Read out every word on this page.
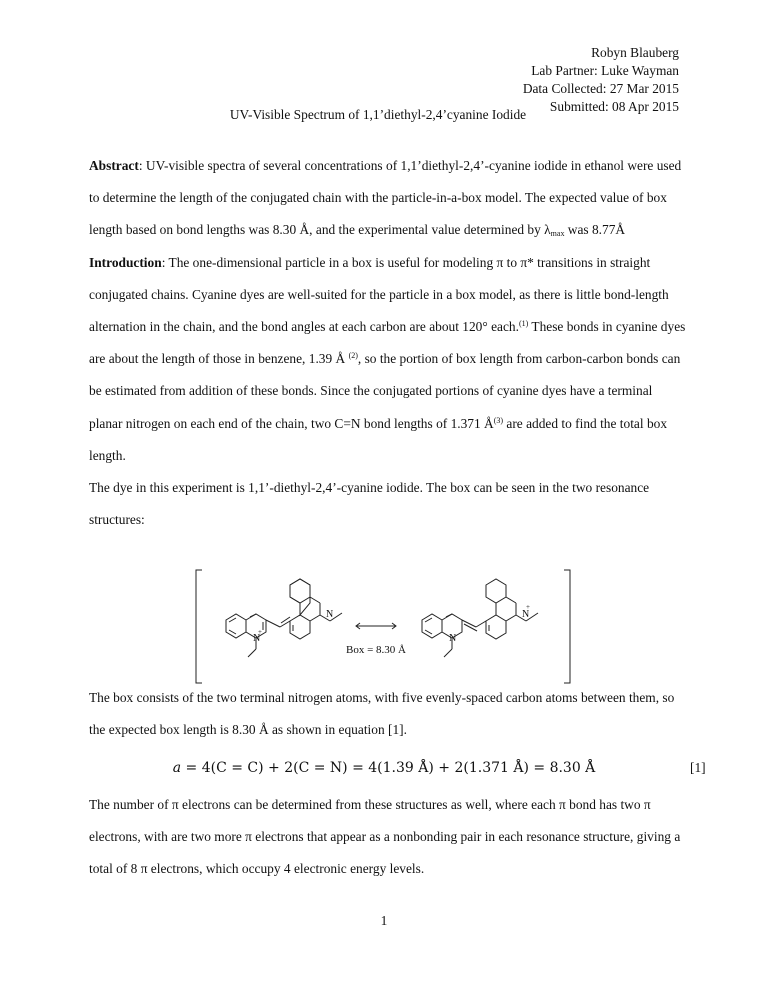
Robyn Blauberg
Lab Partner: Luke Wayman
Data Collected: 27 Mar 2015
Submitted: 08 Apr 2015
UV-Visible Spectrum of 1,1’diethyl-2,4’cyanine Iodide

Abstract: UV-visible spectra of several concentrations of 1,1’diethyl-2,4’-cyanine iodide in ethanol were used to determine the length of the conjugated chain with the particle-in-a-box model. The expected value of box length based on bond lengths was 8.30 Å, and the experimental value determined by $\lambda_{max}$ was 8.77Å

Introduction: The one-dimensional particle in a box is useful for modeling π to π* transitions in straight conjugated chains. Cyanine dyes are well-suited for the particle in a box model, as there is little bond-length alternation in the chain, and the bond angles at each carbon are about 120° each.$^{(1)}$ These bonds in cyanine dyes are about the length of those in benzene, 1.39 Å $^{(2)}$, so the portion of box length from carbon-carbon bonds can be estimated from addition of these bonds. Since the conjugated portions of cyanine dyes have a terminal planar nitrogen on each end of the chain, two C=N bond lengths of 1.371 $Å^{(3)}$ are added to find the total box length.

The dye in this experiment is 1,1’-diethyl-2,4’-cyanine iodide. The box can be seen in the two resonance structures:

N
+
N
N
N
+
Box = 8.30 Å

The box consists of the two terminal nitrogen atoms, with five evenly-spaced carbon atoms between them, so the expected box length is 8.30 Å as shown in equation [1].

a = 4(C = C) + 2(C = N) = 4(1.39 Å) + 2(1.371 Å) = 8.30 Å	[1]

The number of π electrons can be determined from these structures as well, where each π bond has two π electrons, with are two more π electrons that appear as a nonbonding pair in each resonance structure, giving a total of 8 π electrons, which occupy 4 electronic energy levels.

1
